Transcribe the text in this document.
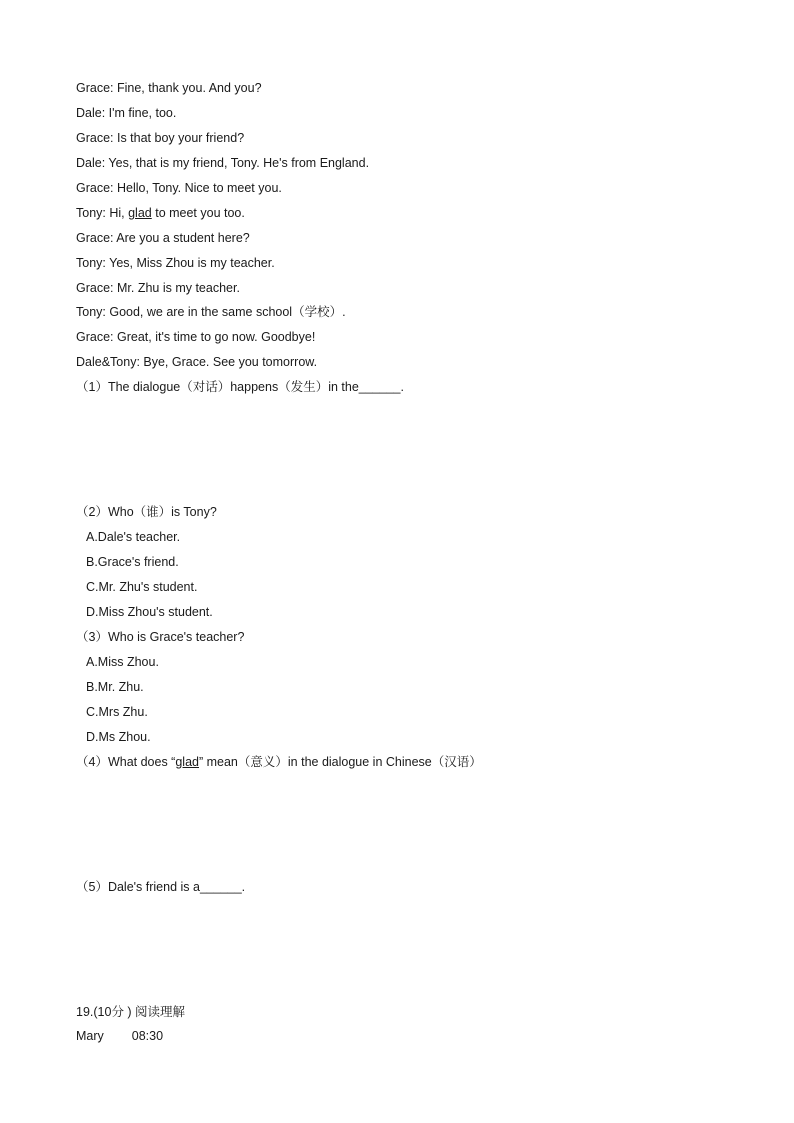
Grace: Fine, thank you. And you?
Dale: I'm fine, too.
Grace: Is that boy your friend?
Dale: Yes, that is my friend, Tony. He's from England.
Grace: Hello, Tony. Nice to meet you.
Tony: Hi, glad to meet you too.
Grace: Are you a student here?
Tony: Yes, Miss Zhou is my teacher.
Grace: Mr. Zhu is my teacher.
Tony: Good, we are in the same school（学校）.
Grace: Great, it's time to go now. Goodbye!
Dale&Tony: Bye, Grace. See you tomorrow.
（1）The dialogue（对话）happens（发生）in the______.
（2）Who（谁）is Tony?
A.Dale's teacher.
B.Grace's friend.
C.Mr. Zhu's student.
D.Miss Zhou's student.
（3）Who is Grace's teacher?
A.Miss Zhou.
B.Mr. Zhu.
C.Mrs Zhu.
D.Ms Zhou.
（4）What does “glad” mean（意义）in the dialogue in Chinese（汉语）
（5）Dale's friend is a______.
19.(10分 ) 阅读理解
Mary 08:30
